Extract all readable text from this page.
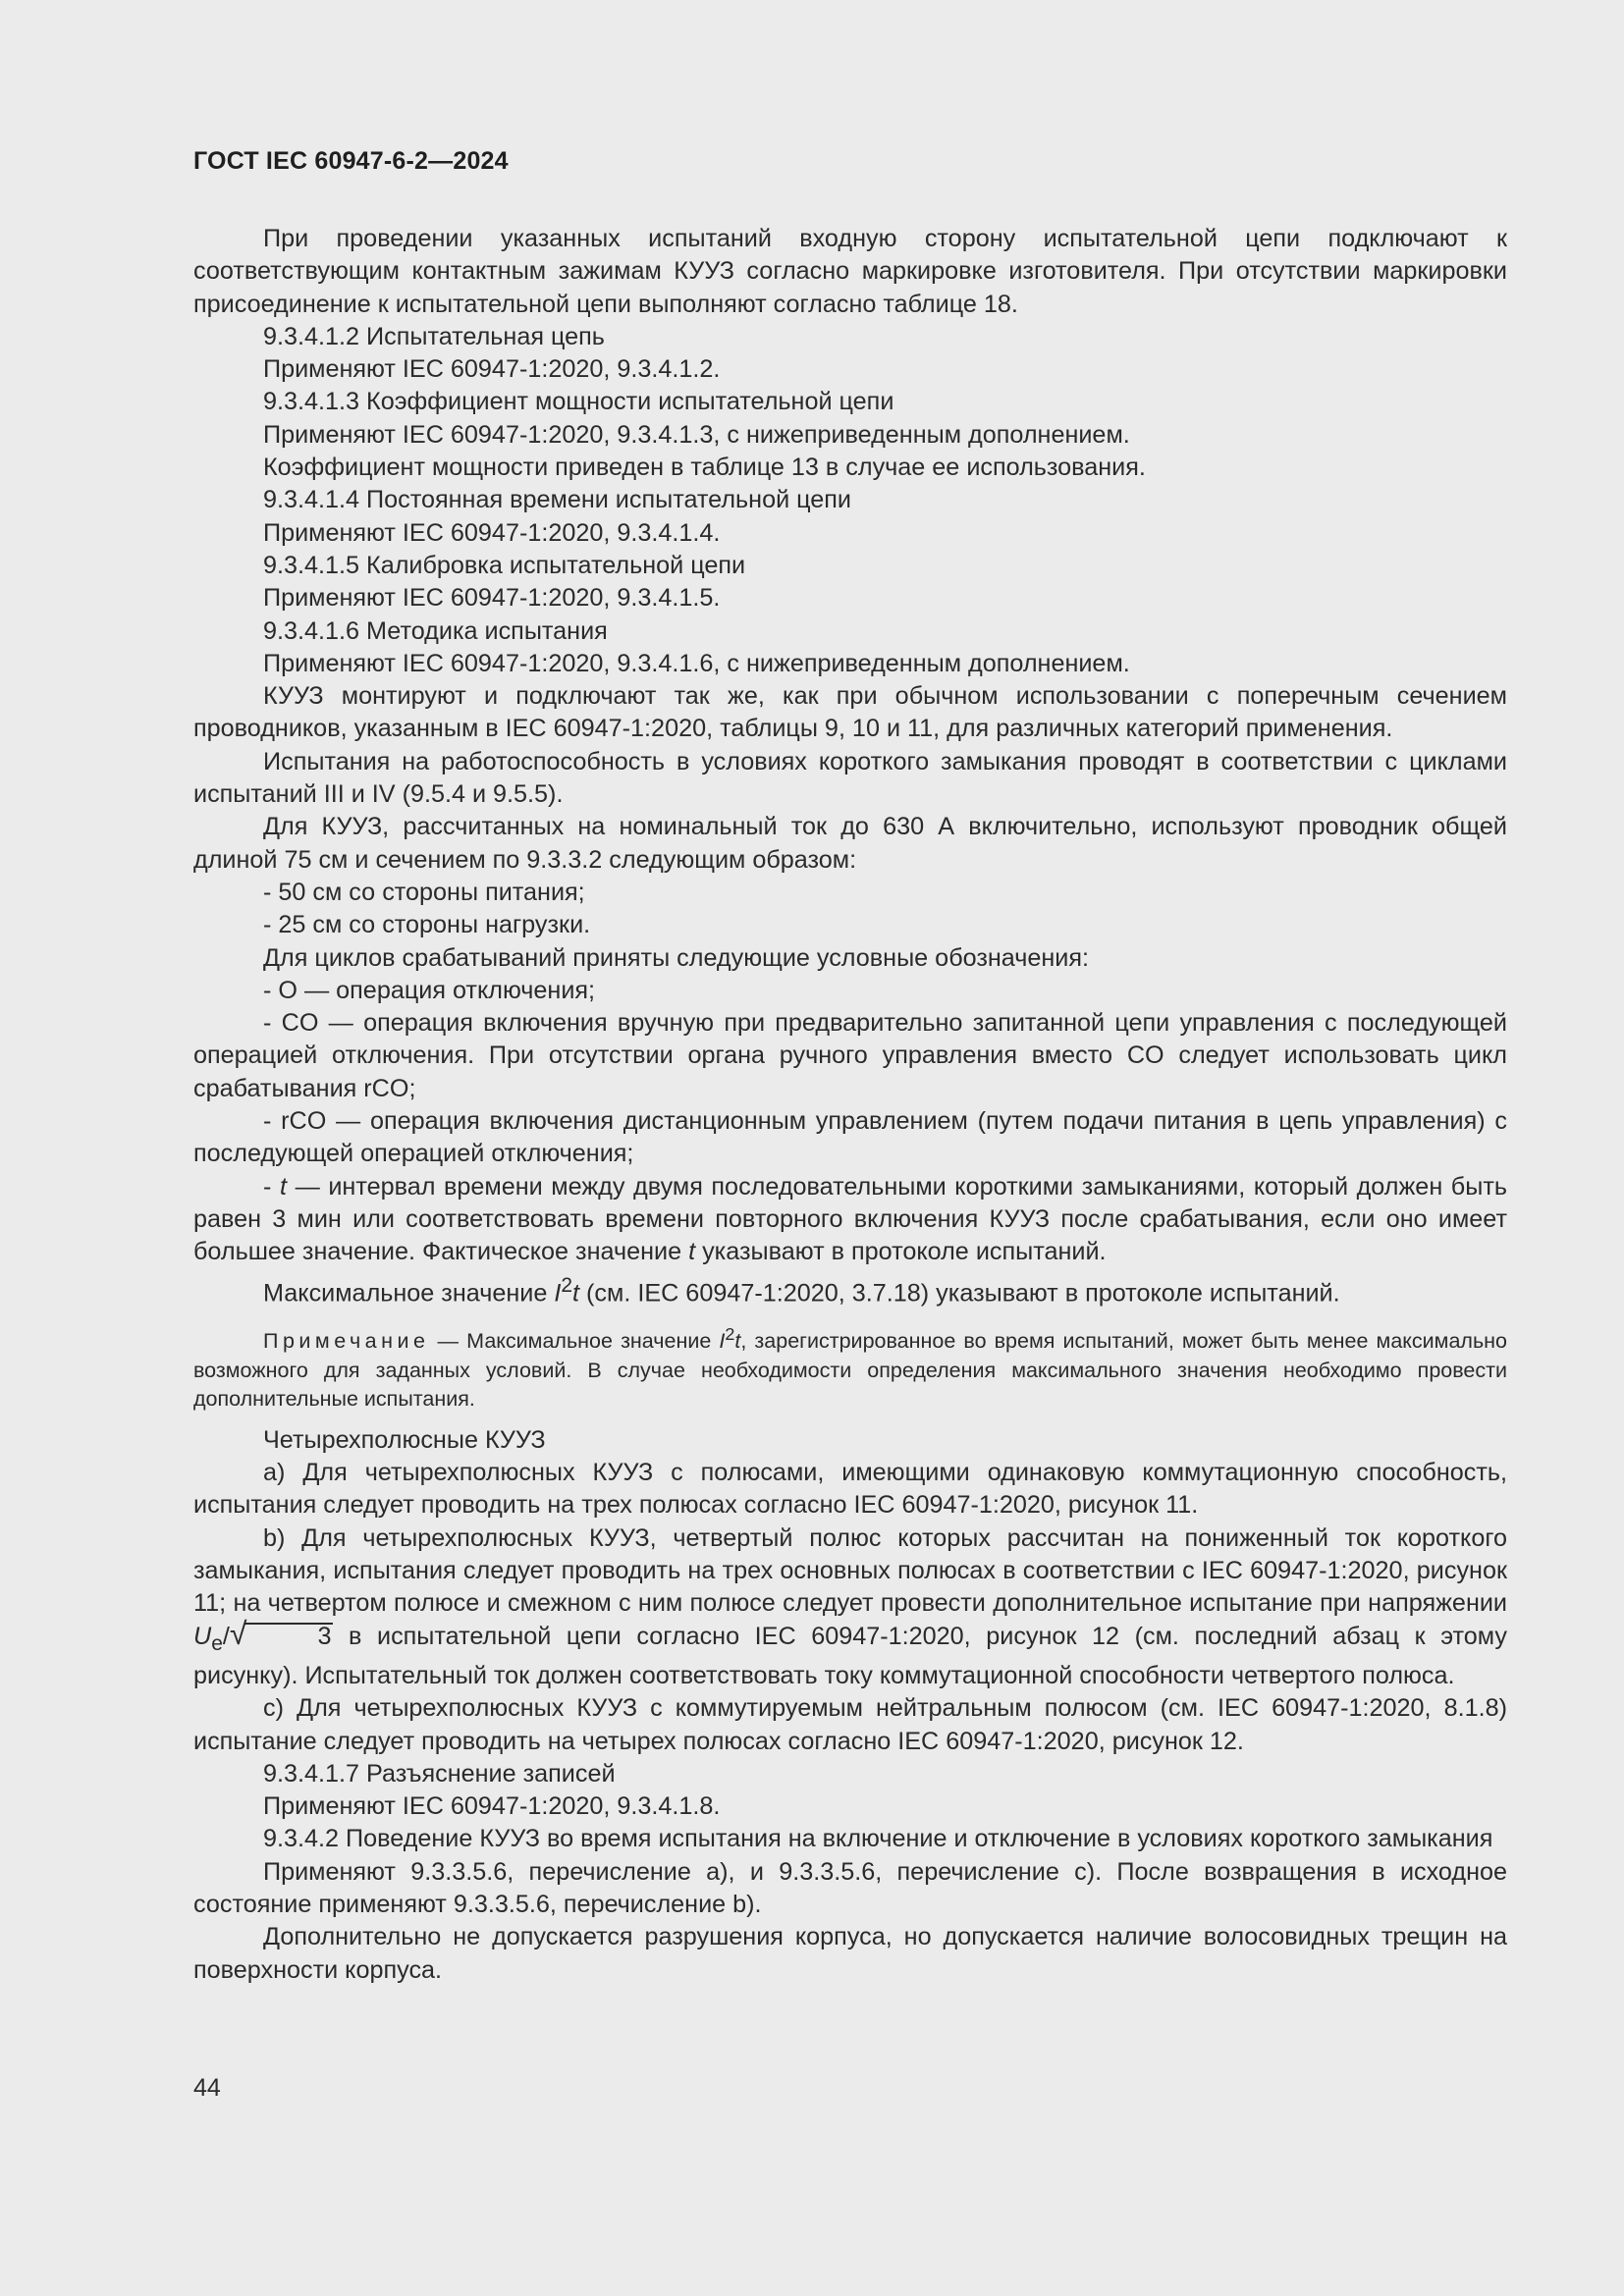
ГОСТ IEC 60947-6-2—2024

При проведении указанных испытаний входную сторону испытательной цепи подключают к соответствующим контактным зажимам КУУЗ согласно маркировке изготовителя. При отсутствии маркировки присоединение к испытательной цепи выполняют согласно таблице 18.

9.3.4.1.2 Испытательная цепь

Применяют IEC 60947-1:2020, 9.3.4.1.2.

9.3.4.1.3 Коэффициент мощности испытательной цепи

Применяют IEC 60947-1:2020, 9.3.4.1.3, с нижеприведенным дополнением.

Коэффициент мощности приведен в таблице 13 в случае ее использования.

9.3.4.1.4 Постоянная времени испытательной цепи

Применяют IEC 60947-1:2020, 9.3.4.1.4.

9.3.4.1.5 Калибровка испытательной цепи

Применяют IEC 60947-1:2020, 9.3.4.1.5.

9.3.4.1.6 Методика испытания

Применяют IEC 60947-1:2020, 9.3.4.1.6, с нижеприведенным дополнением.

КУУЗ монтируют и подключают так же, как при обычном использовании с поперечным сечением проводников, указанным в IEC 60947-1:2020, таблицы 9, 10 и 11, для различных категорий применения.

Испытания на работоспособность в условиях короткого замыкания проводят в соответствии с циклами испытаний III и IV (9.5.4 и 9.5.5).

Для КУУЗ, рассчитанных на номинальный ток до 630 А включительно, используют проводник общей длиной 75 см и сечением по 9.3.3.2 следующим образом:

- 50 см со стороны питания;

- 25 см со стороны нагрузки.

Для циклов срабатываний приняты следующие условные обозначения:

- O — операция отключения;

- CO — операция включения вручную при предварительно запитанной цепи управления с последующей операцией отключения. При отсутствии органа ручного управления вместо CO следует использовать цикл срабатывания rCO;

- rCO — операция включения дистанционным управлением (путем подачи питания в цепь управления) с последующей операцией отключения;

- t — интервал времени между двумя последовательными короткими замыканиями, который должен быть равен 3 мин или соответствовать времени повторного включения КУУЗ после срабатывания, если оно имеет большее значение. Фактическое значение t указывают в протоколе испытаний.

Максимальное значение $I^2t$ (см. IEC 60947-1:2020, 3.7.18) указывают в протоколе испытаний.

Примечание — Максимальное значение $I^2t$, зарегистрированное во время испытаний, может быть менее максимально возможного для заданных условий. В случае необходимости определения максимального значения необходимо провести дополнительные испытания.

Четырехполюсные КУУЗ

a) Для четырехполюсных КУУЗ с полюсами, имеющими одинаковую коммутационную способность, испытания следует проводить на трех полюсах согласно IEC 60947-1:2020, рисунок 11.

b) Для четырехполюсных КУУЗ, четвертый полюс которых рассчитан на пониженный ток короткого замыкания, испытания следует проводить на трех основных полюсах в соответствии с IEC 60947-1:2020, рисунок 11; на четвертом полюсе и смежном с ним полюсе следует провести дополнительное испытание при напряжении $U_e/√$	3 в испытательной цепи согласно IEC 60947-1:2020, рисунок 12 (см. последний абзац к этому рисунку). Испытательный ток должен соответствовать току коммутационной способности четвертого полюса.

c) Для четырехполюсных КУУЗ с коммутируемым нейтральным полюсом (см. IEC 60947-1:2020, 8.1.8) испытание следует проводить на четырех полюсах согласно IEC 60947-1:2020, рисунок 12.

9.3.4.1.7 Разъяснение записей

Применяют IEC 60947-1:2020, 9.3.4.1.8.

9.3.4.2 Поведение КУУЗ во время испытания на включение и отключение в условиях короткого замыкания

Применяют 9.3.3.5.6, перечисление a), и 9.3.3.5.6, перечисление c). После возвращения в исходное состояние применяют 9.3.3.5.6, перечисление b).

Дополнительно не допускается разрушения корпуса, но допускается наличие волосовидных трещин на поверхности корпуса.

44
